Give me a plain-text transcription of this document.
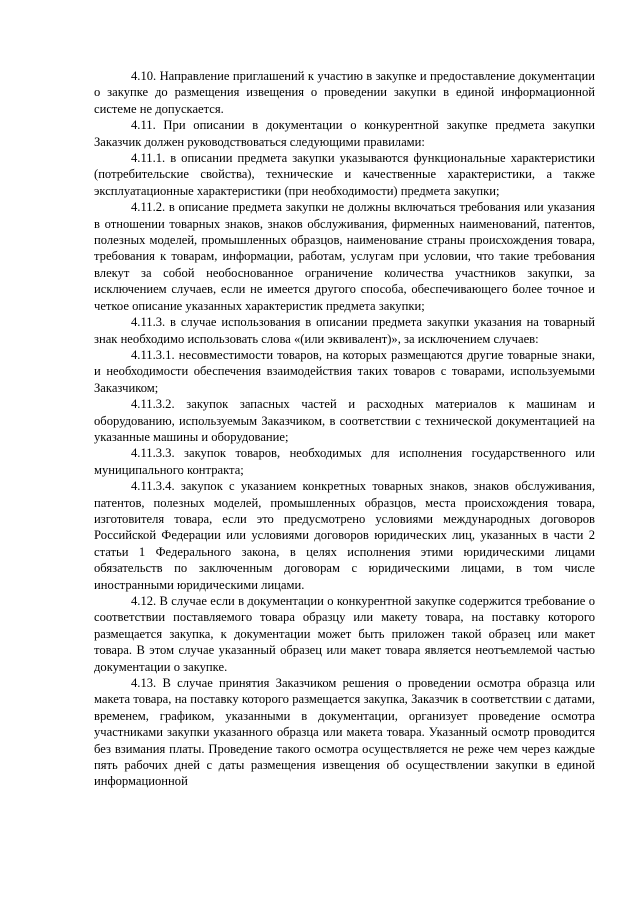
4.10. Направление приглашений к участию в закупке и предоставление документации о закупке до размещения извещения о проведении закупки в единой информационной системе не допускается.

4.11. При описании в документации о конкурентной закупке предмета закупки Заказчик должен руководствоваться следующими правилами:

4.11.1. в описании предмета закупки указываются функциональные характеристики (потребительские свойства), технические и качественные характеристики, а также эксплуатационные характеристики (при необходимости) предмета закупки;

4.11.2. в описание предмета закупки не должны включаться требования или указания в отношении товарных знаков, знаков обслуживания, фирменных наименований, патентов, полезных моделей, промышленных образцов, наименование страны происхождения товара, требования к товарам, информации, работам, услугам при условии, что такие требования влекут за собой необоснованное ограничение количества участников закупки, за исключением случаев, если не имеется другого способа, обеспечивающего более точное и четкое описание указанных характеристик предмета закупки;

4.11.3. в случае использования в описании предмета закупки указания на товарный знак необходимо использовать слова «(или эквивалент)», за исключением случаев:

4.11.3.1. несовместимости товаров, на которых размещаются другие товарные знаки, и необходимости обеспечения взаимодействия таких товаров с товарами, используемыми Заказчиком;

4.11.3.2. закупок запасных частей и расходных материалов к машинам и оборудованию, используемым Заказчиком, в соответствии с технической документацией на указанные машины и оборудование;

4.11.3.3. закупок товаров, необходимых для исполнения государственного или муниципального контракта;

4.11.3.4. закупок с указанием конкретных товарных знаков, знаков обслуживания, патентов, полезных моделей, промышленных образцов, места происхождения товара, изготовителя товара, если это предусмотрено условиями международных договоров Российской Федерации или условиями договоров юридических лиц, указанных в части 2 статьи 1 Федерального закона, в целях исполнения этими юридическими лицами обязательств по заключенным договорам с юридическими лицами, в том числе иностранными юридическими лицами.

4.12. В случае если в документации о конкурентной закупке содержится требование о соответствии поставляемого товара образцу или макету товара, на поставку которого размещается закупка, к документации может быть приложен такой образец или макет товара. В этом случае указанный образец или макет товара является неотъемлемой частью документации о закупке.

4.13. В случае принятия Заказчиком решения о проведении осмотра образца или макета товара, на поставку которого размещается закупка, Заказчик в соответствии с датами, временем, графиком, указанными в документации, организует проведение осмотра участниками закупки указанного образца или макета товара. Указанный осмотр проводится без взимания платы. Проведение такого осмотра осуществляется не реже чем через каждые пять рабочих дней с даты размещения извещения об осуществлении закупки в единой информационной
